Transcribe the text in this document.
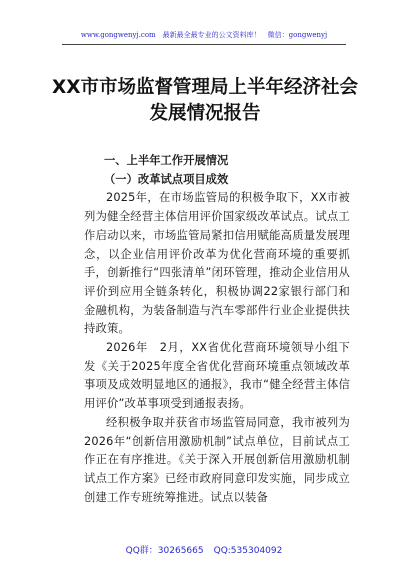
www.gongwenyj.com　最新最全最专业的公文资料库！　微信：gongwenyj
XX市市场监督管理局上半年经济社会发展情况报告

一、上半年工作开展情况

（一）改革试点项目成效

2025年，在市场监管局的积极争取下，XX市被列为健全经营主体信用评价国家级改革试点。试点工作启动以来，市场监管局紧扣信用赋能高质量发展理念，以企业信用评价改革为优化营商环境的重要抓手，创新推行“四张清单”闭环管理，推动企业信用从评价到应用全链条转化，积极协调22家银行部门和金融机构，为装备制造与汽车零部件行业企业提供扶持政策。

2026年　2月，XX省优化营商环境领导小组下发《关于2025年度全省优化营商环境重点领域改革事项及成效明显地区的通报》，我市“健全经营主体信用评价”改革事项受到通报表扬。

经积极争取并获省市场监管局同意，我市被列为2026年“创新信用激励机制”试点单位，目前试点工作正在有序推进。《关于深入开展创新信用激励机制试点工作方案》已经市政府同意印发实施，同步成立创建工作专班统筹推进。试点以装备

QQ群：30265665 QQ:535304092
